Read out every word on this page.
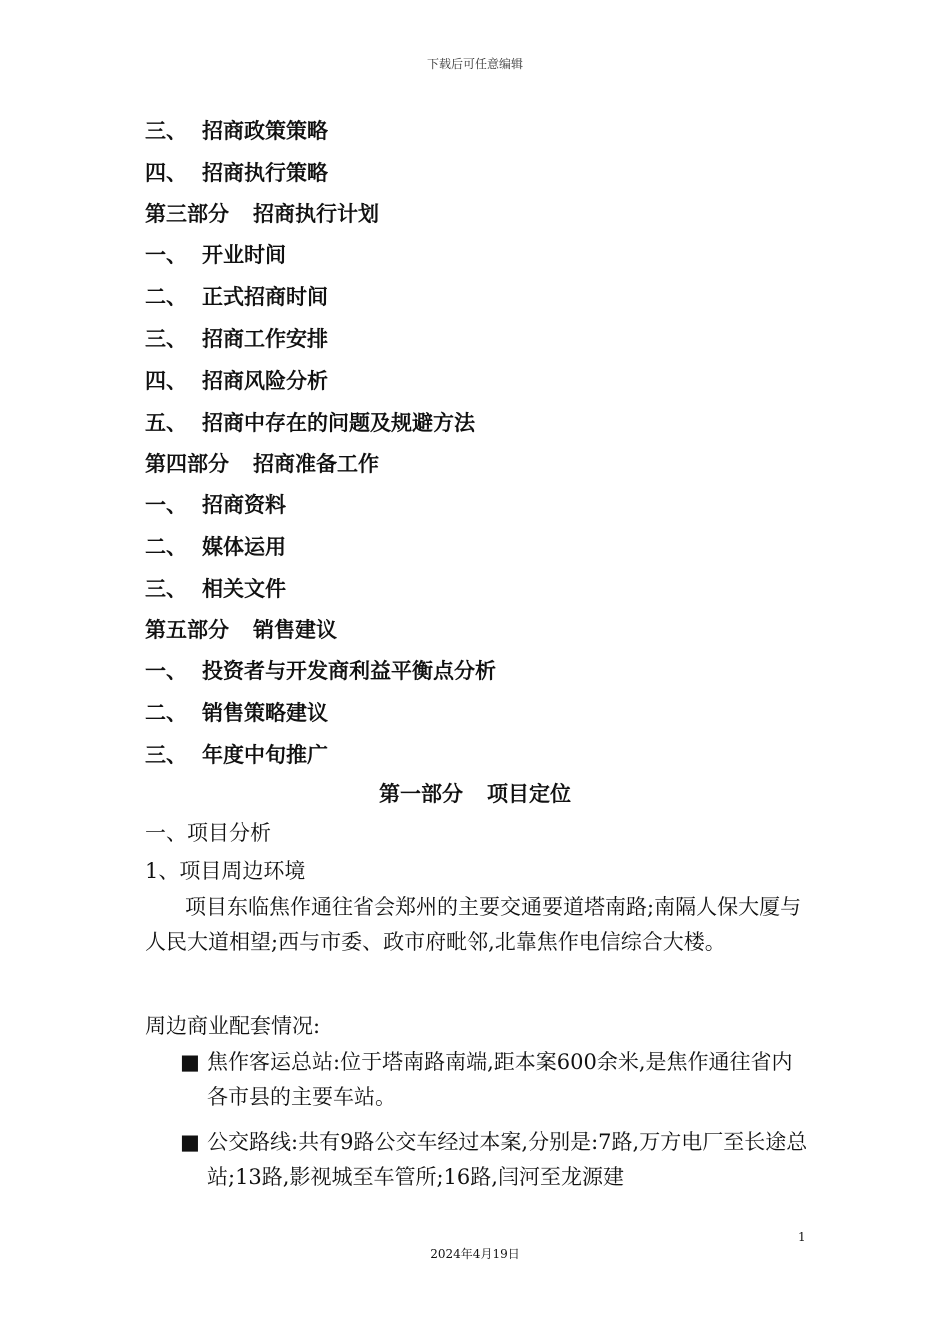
下载后可任意编辑
三、 招商政策策略
四、 招商执行策略
第三部分 招商执行计划
一、 开业时间
二、 正式招商时间
三、 招商工作安排
四、 招商风险分析
五、 招商中存在的问题及规避方法
第四部分 招商准备工作
一、 招商资料
二、 媒体运用
三、 相关文件
第五部分 销售建议
一、 投资者与开发商利益平衡点分析
二、 销售策略建议
三、 年度中旬推广
第一部分 项目定位
一、项目分析
1、项目周边环境
项目东临焦作通往省会郑州的主要交通要道塔南路;南隔人保大厦与人民大道相望;西与市委、政市府毗邻,北靠焦作电信综合大楼。
周边商业配套情况:
■ 焦作客运总站:位于塔南路南端,距本案600余米,是焦作通往省内各市县的主要车站。
■ 公交路线:共有9路公交车经过本案,分别是:7路,万方电厂至长途总站;13路,影视城至车管所;16路,闫河至龙源建
1
2024年4月19日
